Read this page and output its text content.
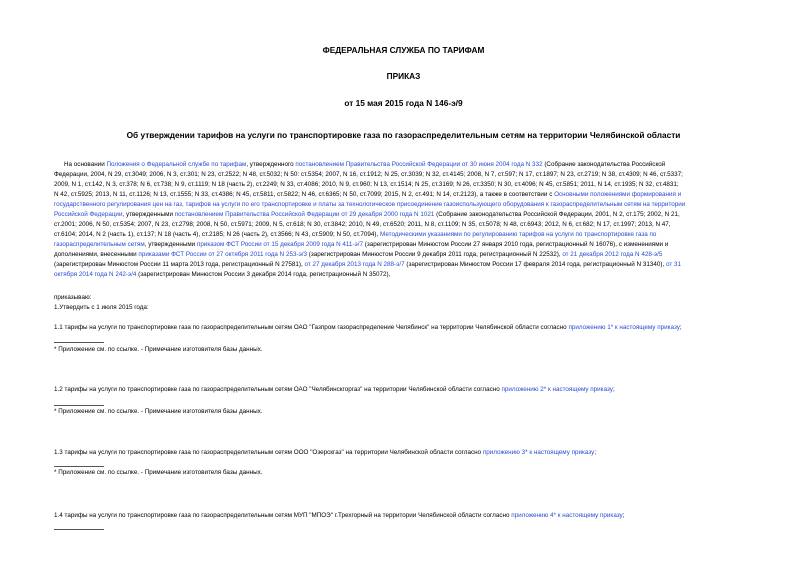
ФЕДЕРАЛЬНАЯ СЛУЖБА ПО ТАРИФАМ
ПРИКАЗ
от 15 мая 2015 года N 146-э/9
Об утверждении тарифов на услуги по транспортировке газа по газораспределительным сетям на территории Челябинской области
На основании Положения о Федеральной службе по тарифам, утвержденного постановлением Правительства Российской Федерации от 30 июня 2004 года N 332 (Собрание законодательства Российской
Федерации, 2004, N 29, ст.3049; 2006, N 3, ст.301; N 23, ст.2522; N 48, ст.5032; N 50: ст.5354; 2007, N 16, ст.1912; N 25, ст.3039; N 32, ст.4145; 2008, N 7, ст.597; N 17, ст.1897; N 23, ст.2719; N 38, ст.4309; N 46, ст.5337;
2009, N 1, ст.142, N 3, ст.378; N 6, ст.738; N 9, ст.1119; N 18 (часть 2), ст.2249; N 33, ст.4086; 2010, N 9, ст.960; N 13, ст.1514; N 25, ст.3169; N 26, ст.3350; N 30, ст.4096; N 45, ст.5851; 2011, N 14, ст.1935; N 32, ст.4831;
N 42, ст.5925; 2013, N 11, ст.1126; N 13, ст.1555; N 33, ст.4386; N 45, ст.5811, ст.5822; N 46, ст.6365; N 50, ст.7099; 2015, N 2, ст.491; N 14, ст.2123), а также в соответствии с Основными положениями формирования и
государственного регулирования цен на газ, тарифов на услуги по его транспортировке и платы за технологическое присоединение газоиспользующего оборудования к газораспределительным сетям на территории
Российской Федерации, утвержденными постановлением Правительства Российской Федерации от 29 декабря 2000 года N 1021 (Собрание законодательства Российской Федерации, 2001, N 2, ст.175; 2002, N 21,
ст.2001; 2006, N 50, ст.5354; 2007, N 23, ст.2798; 2008, N 50, ст.5971; 2009, N 5, ст.618; N 30, ст.3842; 2010, N 49, ст.6520; 2011, N 8, ст.1109; N 35, ст.5078; N 48, ст.6943; 2012, N 6, ст.682; N 17, ст.1997; 2013, N 47,
ст.6104; 2014, N 2 (часть 1), ст.137; N 18 (часть 4), ст.2185; N 26 (часть 2), ст.3566; N 43, ст.5909; N 50, ст.7094), Методическими указаниями по регулированию тарифов на услуги по транспортировке газа по
газораспределительным сетям, утвержденными приказом ФСТ России от 15 декабря 2009 года N 411-э/7 (зарегистрирован Минюстом России 27 января 2010 года, регистрационный N 16076), с изменениями и
дополнениями, внесенными приказами ФСТ России от 27 октября 2011 года N 253-э/3 (зарегистрирован Минюстом России 9 декабря 2011 года, регистрационный N 22532), от 21 декабря 2012 года N 428-э/5
(зарегистрирован Минюстом России 11 марта 2013 года, регистрационный N 27581), от 27 декабря 2013 года N 288-э/7 (зарегистрирован Минюстом России 17 февраля 2014 года, регистрационный N 31340), от 31
октября 2014 года N 242-э/4 (зарегистрирован Минюстом России 3 декабря 2014 года, регистрационный N 35072),
приказываю:
1.Утвердить с 1 июля 2015 года:
1.1 тарифы на услуги по транспортировке газа по газораспределительным сетям ОАО "Газпром газораспределение Челябинск" на территории Челябинской области согласно приложению 1* к настоящему приказу;
* Приложение см. по ссылке. - Примечание изготовителя базы данных.
1.2 тарифы на услуги по транспортировке газа по газораспределительным сетям ОАО "Челябинскгоргаз" на территории Челябинской области согласно приложению 2* к настоящему приказу;
* Приложение см. по ссылке. - Примечание изготовителя базы данных.
1.3 тарифы на услуги по транспортировке газа по газораспределительным сетям ООО "Озерскгаз" на территории Челябинской области согласно приложению 3* к настоящему приказу;
* Приложение см. по ссылке. - Примечание изготовителя базы данных.
1.4 тарифы на услуги по транспортировке газа по газораспределительным сетям МУП "МПОЭ" г.Трехгорный на территории Челябинской области согласно приложению 4* к настоящему приказу;
